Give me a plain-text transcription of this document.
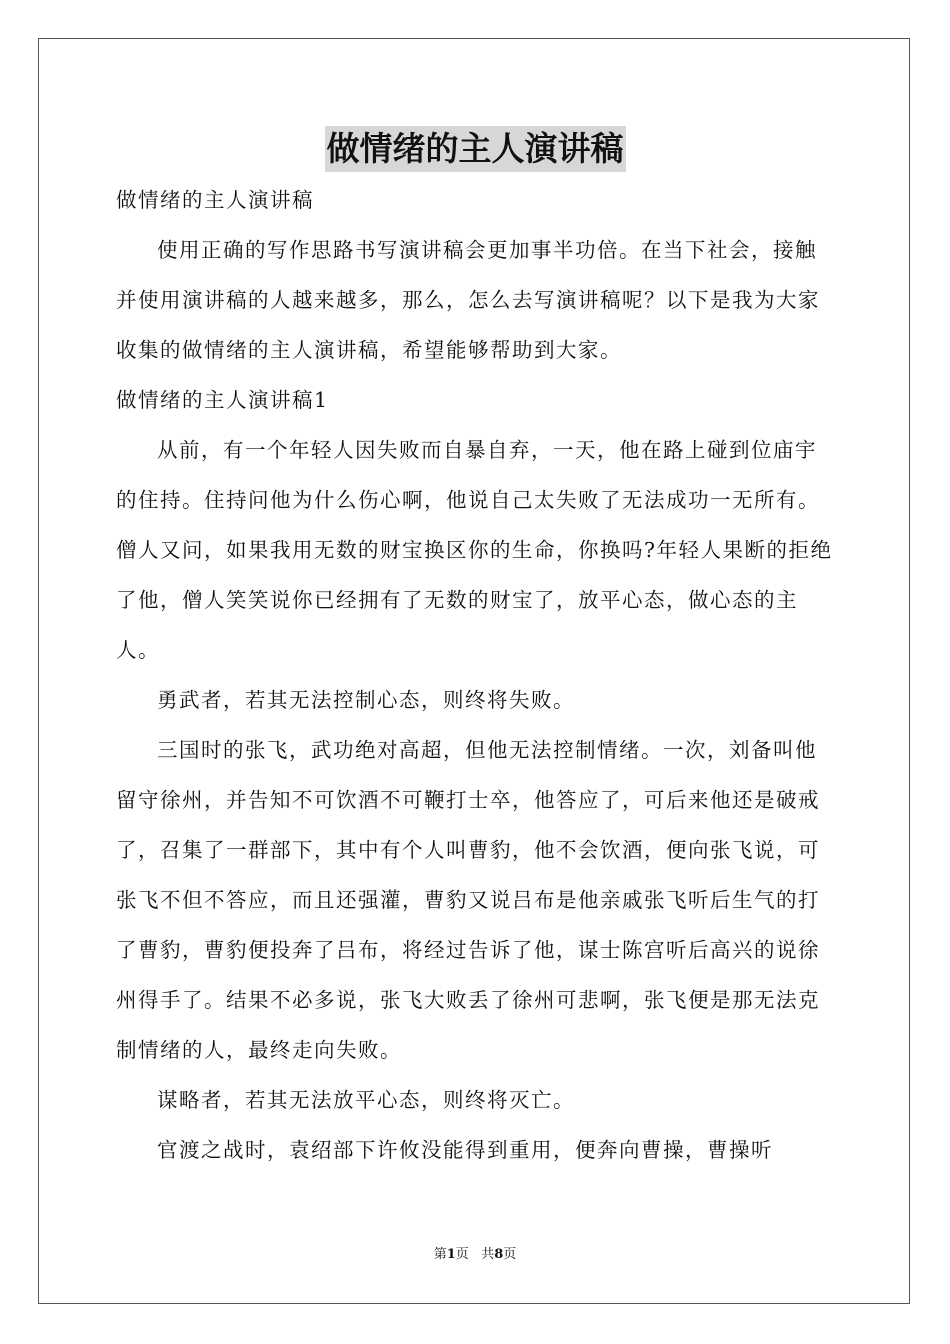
做情绪的主人演讲稿

做情绪的主人演讲稿

使用正确的写作思路书写演讲稿会更加事半功倍。在当下社会，接触并使用演讲稿的人越来越多，那么，怎么去写演讲稿呢？以下是我为大家收集的做情绪的主人演讲稿，希望能够帮助到大家。

做情绪的主人演讲稿1

从前，有一个年轻人因失败而自暴自弃，一天，他在路上碰到位庙宇的住持。住持问他为什么伤心啊，他说自己太失败了无法成功一无所有。僧人又问，如果我用无数的财宝换区你的生命，你换吗?年轻人果断的拒绝了他，僧人笑笑说你已经拥有了无数的财宝了，放平心态，做心态的主人。

勇武者，若其无法控制心态，则终将失败。

三国时的张飞，武功绝对高超，但他无法控制情绪。一次，刘备叫他留守徐州，并告知不可饮酒不可鞭打士卒，他答应了，可后来他还是破戒了，召集了一群部下，其中有个人叫曹豹，他不会饮酒，便向张飞说，可张飞不但不答应，而且还强灌，曹豹又说吕布是他亲戚张飞听后生气的打了曹豹，曹豹便投奔了吕布，将经过告诉了他，谋士陈宫听后高兴的说徐州得手了。结果不必多说，张飞大败丢了徐州可悲啊，张飞便是那无法克制情绪的人，最终走向失败。

谋略者，若其无法放平心态，则终将灭亡。

官渡之战时，袁绍部下许攸没能得到重用，便奔向曹操，曹操听

第1页 共8页
